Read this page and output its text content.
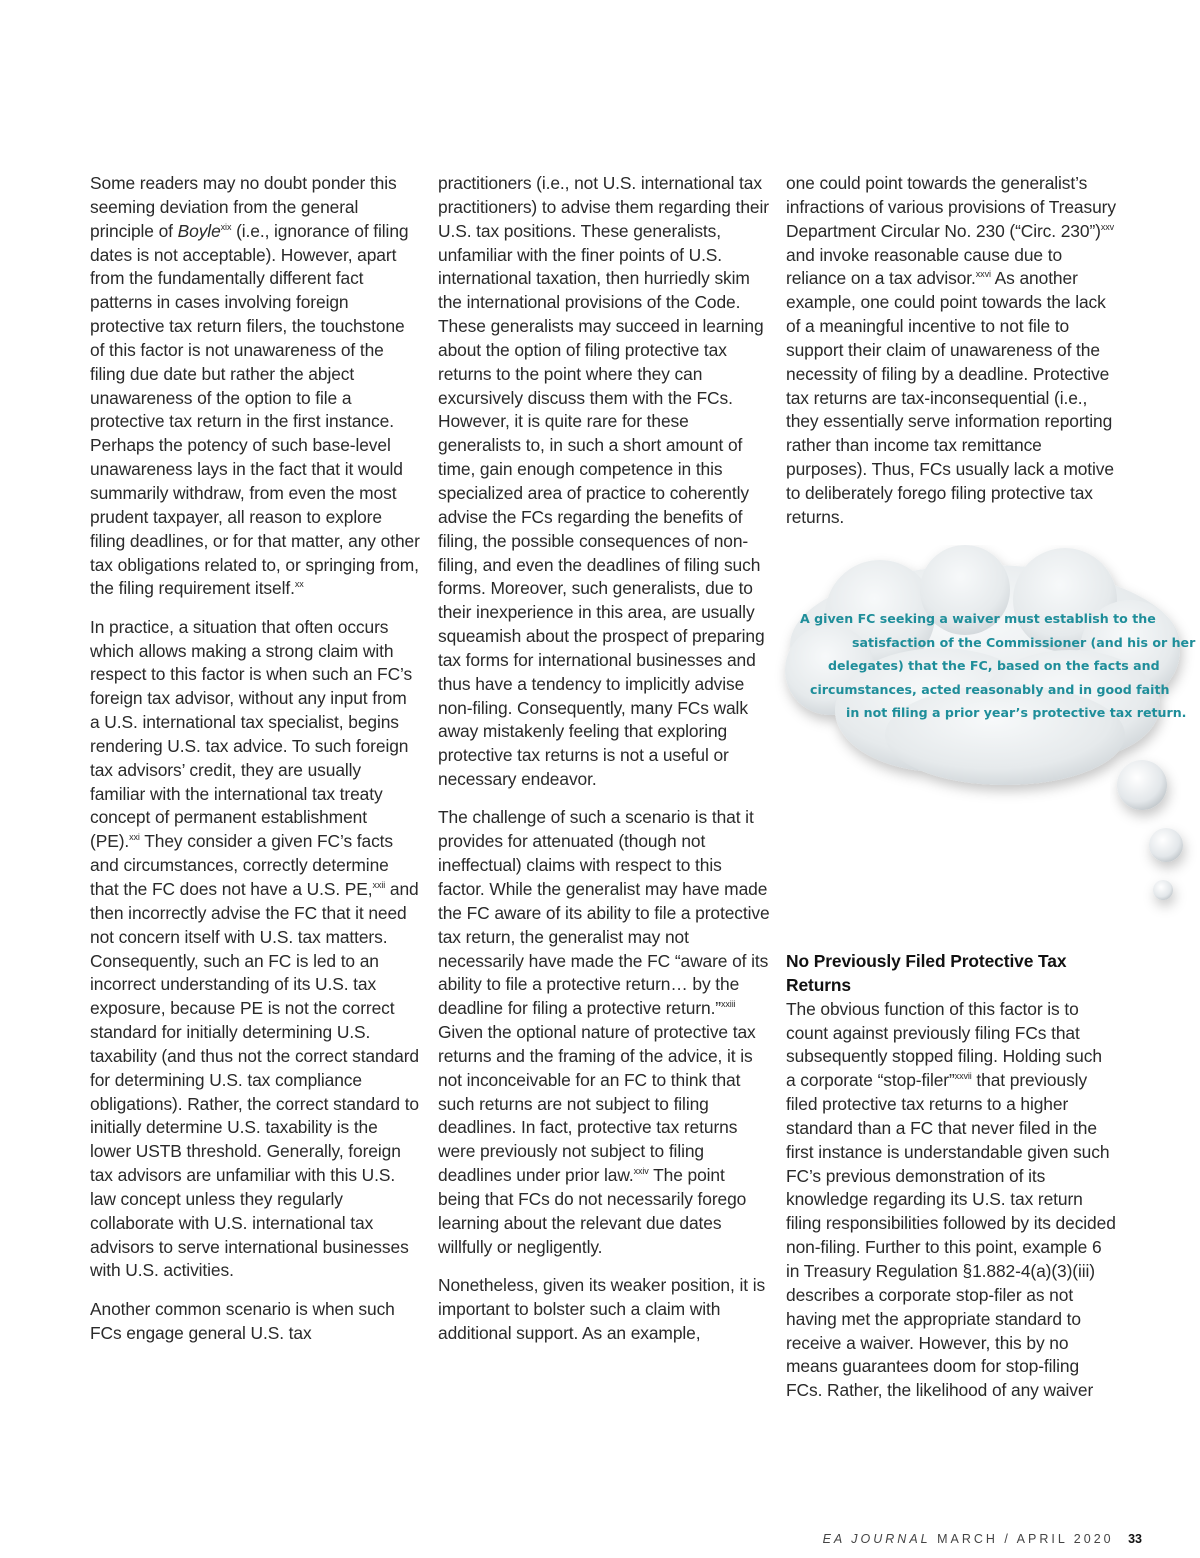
Some readers may no doubt ponder this seeming deviation from the general principle of Boyle$^{xix}$ (i.e., ignorance of filing dates is not acceptable). However, apart from the fundamentally different fact patterns in cases involving foreign protective tax return filers, the touchstone of this factor is not unawareness of the filing due date but rather the abject unawareness of the option to file a protective tax return in the first instance. Perhaps the potency of such base-level unawareness lays in the fact that it would summarily withdraw, from even the most prudent taxpayer, all reason to explore filing deadlines, or for that matter, any other tax obligations related to, or springing from, the filing requirement itself.$^{xx}$

In practice, a situation that often occurs which allows making a strong claim with respect to this factor is when such an FC’s foreign tax advisor, without any input from a U.S. international tax specialist, begins rendering U.S. tax advice. To such foreign tax advisors’ credit, they are usually familiar with the international tax treaty concept of permanent establishment (PE).$^{xxi}$ They consider a given FC’s facts and circumstances, correctly determine that the FC does not have a U.S. PE,$^{xxii}$ and then incorrectly advise the FC that it need not concern itself with U.S. tax matters. Consequently, such an FC is led to an incorrect understanding of its U.S. tax exposure, because PE is not the correct standard for initially determining U.S. taxability (and thus not the correct standard for determining U.S. tax compliance obligations). Rather, the correct standard to initially determine U.S. taxability is the lower USTB threshold. Generally, foreign tax advisors are unfamiliar with this U.S. law concept unless they regularly collaborate with U.S. international tax advisors to serve international businesses with U.S. activities.

Another common scenario is when such FCs engage general U.S. tax

practitioners (i.e., not U.S. international tax practitioners) to advise them regarding their U.S. tax positions. These generalists, unfamiliar with the finer points of U.S. international taxation, then hurriedly skim the international provisions of the Code. These generalists may succeed in learning about the option of filing protective tax returns to the point where they can excursively discuss them with the FCs. However, it is quite rare for these generalists to, in such a short amount of time, gain enough competence in this specialized area of practice to coherently advise the FCs regarding the benefits of filing, the possible consequences of non-filing, and even the deadlines of filing such forms. Moreover, such generalists, due to their inexperience in this area, are usually squeamish about the prospect of preparing tax forms for international businesses and thus have a tendency to implicitly advise non-filing. Consequently, many FCs walk away mistakenly feeling that exploring protective tax returns is not a useful or necessary endeavor.

The challenge of such a scenario is that it provides for attenuated (though not ineffectual) claims with respect to this factor. While the generalist may have made the FC aware of its ability to file a protective tax return, the generalist may not necessarily have made the FC “aware of its ability to file a protective return… by the deadline for filing a protective return.”$^{xxiii}$ Given the optional nature of protective tax returns and the framing of the advice, it is not inconceivable for an FC to think that such returns are not subject to filing deadlines. In fact, protective tax returns were previously not subject to filing deadlines under prior law.$^{xxiv}$ The point being that FCs do not necessarily forego learning about the relevant due dates willfully or negligently.

Nonetheless, given its weaker position, it is important to bolster such a claim with additional support. As an example,

one could point towards the generalist’s infractions of various provisions of Treasury Department Circular No. 230 (“Circ. 230”)$^{xxv}$ and invoke reasonable cause due to reliance on a tax advisor.$^{xxvi}$ As another example, one could point towards the lack of a meaningful incentive to not file to support their claim of unawareness of the necessity of filing by a deadline. Protective tax returns are tax-inconsequential (i.e., they essentially serve information reporting rather than income tax remittance purposes). Thus, FCs usually lack a motive to deliberately forego filing protective tax returns.

A given FC seeking a waiver must establish to the
satisfaction of the Commissioner (and his or her
delegates) that the FC, based on the facts and
circumstances, acted reasonably and in good faith
in not filing a prior year’s protective tax return.
No Previously Filed Protective Tax Returns

The obvious function of this factor is to count against previously filing FCs that subsequently stopped filing. Holding such a corporate “stop-filer”$^{xxvii}$ that previously filed protective tax returns to a higher standard than a FC that never filed in the first instance is understandable given such FC’s previous demonstration of its knowledge regarding its U.S. tax return filing responsibilities followed by its decided non-filing. Further to this point, example 6 in Treasury Regulation §1.882-4(a)(3)(iii) describes a corporate stop-filer as not having met the appropriate standard to receive a waiver. However, this by no means guarantees doom for stop-filing FCs. Rather, the likelihood of any waiver

EA JOURNAL MARCH / APRIL 2020 33
